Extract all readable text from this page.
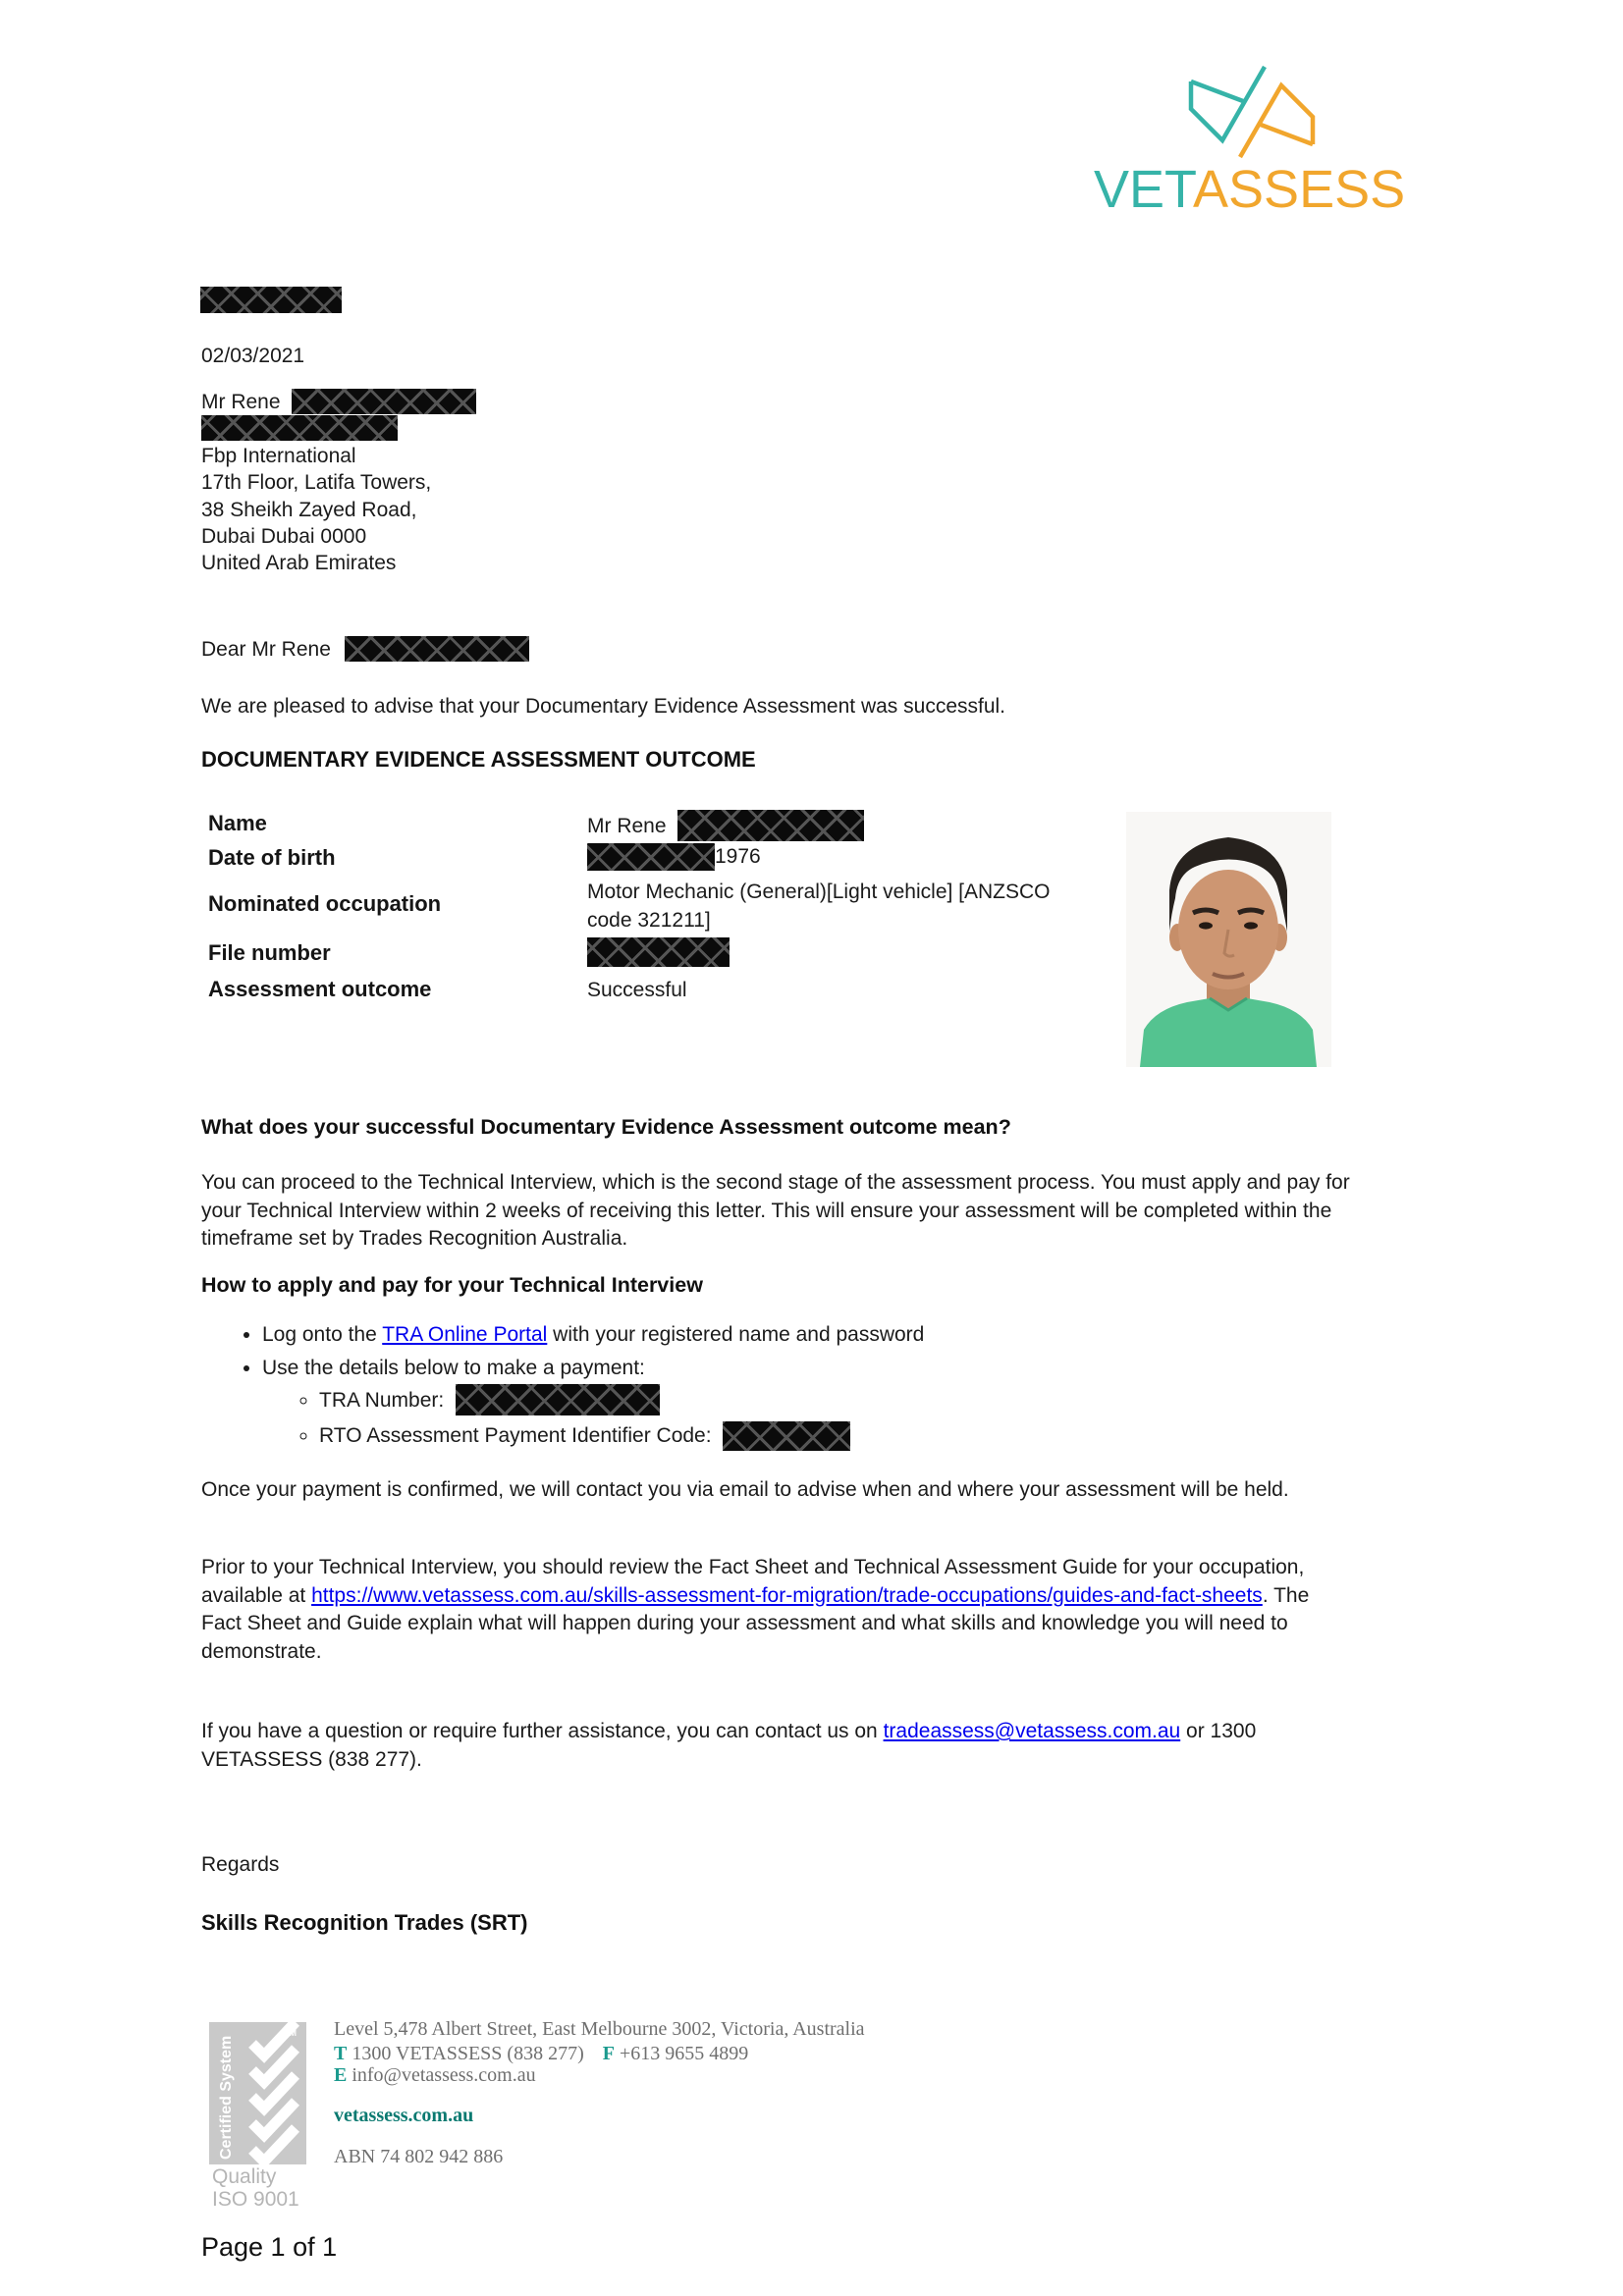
VETASSESS
02/03/2021
Mr Rene
Fbp International
17th Floor, Latifa Towers,
38 Sheikh Zayed Road,
Dubai Dubai 0000
United Arab Emirates
Dear Mr Rene
We are pleased to advise that your Documentary Evidence Assessment was successful.
DOCUMENTARY EVIDENCE ASSESSMENT OUTCOME
Name	Mr Rene
Date of birth	1976
Nominated occupation	Motor Mechanic (General)[Light vehicle] [ANZSCO
code 321211]
File number
Assessment outcome	Successful
What does your successful Documentary Evidence Assessment outcome mean?
You can proceed to the Technical Interview, which is the second stage of the assessment process. You must apply and pay for your Technical Interview within 2 weeks of receiving this letter. This will ensure your assessment will be completed within the timeframe set by Trades Recognition Australia.
How to apply and pay for your Technical Interview
• Log onto the TRA Online Portal with your registered name and password
• Use the details below to make a payment:
◦ TRA Number:
◦ RTO Assessment Payment Identifier Code:
Once your payment is confirmed, we will contact you via email to advise when and where your assessment will be held.
Prior to your Technical Interview, you should review the Fact Sheet and Technical Assessment Guide for your occupation, available at https://www.vetassess.com.au/skills-assessment-for-migration/trade-occupations/guides-and-fact-sheets. The Fact Sheet and Guide explain what will happen during your assessment and what skills and knowledge you will need to demonstrate.
If you have a question or require further assistance, you can contact us on tradeassess@vetassess.com.au or 1300 VETASSESS (838 277).
Regards
Skills Recognition Trades (SRT)
Certified System
TM
Quality
ISO 9001
Level 5,478 Albert Street, East Melbourne 3002, Victoria, Australia
T 1300 VETASSESS (838 277) F +613 9655 4899
E info@vetassess.com.au
vetassess.com.au
ABN 74 802 942 886
Page 1 of 1
